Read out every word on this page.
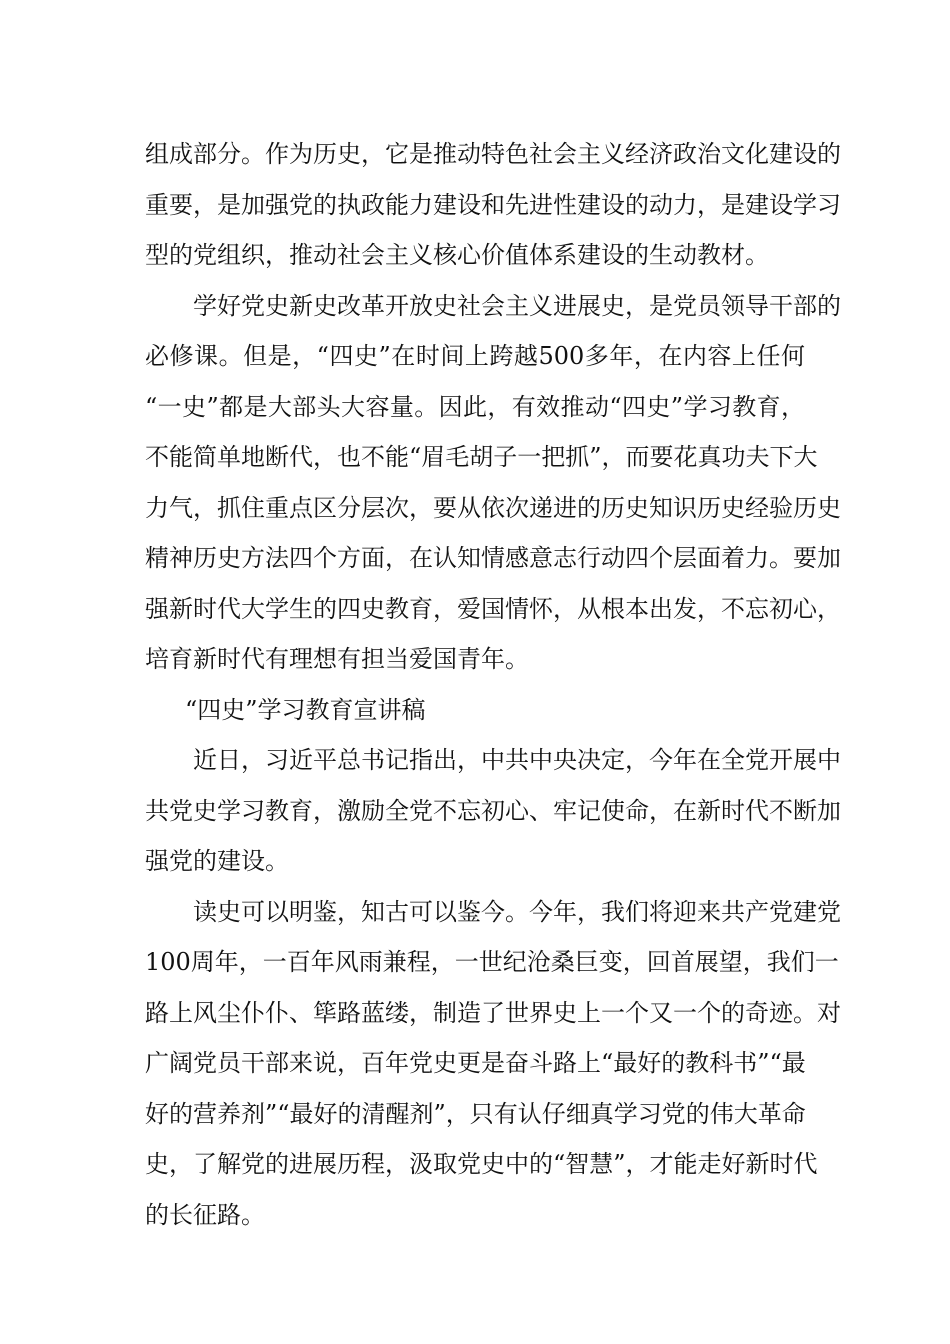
组成部分。作为历史，它是推动特色社会主义经济政治文化建设的
重要，是加强党的执政能力建设和先进性建设的动力，是建设学习
型的党组织，推动社会主义核心价值体系建设的生动教材。
学好党史新史改革开放史社会主义进展史，是党员领导干部的
必修课。但是，“四史”在时间上跨越500多年，在内容上任何
“一史”都是大部头大容量。因此，有效推动“四史”学习教育，
不能简单地断代，也不能“眉毛胡子一把抓”，而要花真功夫下大
力气，抓住重点区分层次，要从依次递进的历史知识历史经验历史
精神历史方法四个方面，在认知情感意志行动四个层面着力。要加
强新时代大学生的四史教育，爱国情怀，从根本出发，不忘初心，
培育新时代有理想有担当爱国青年。
“四史”学习教育宣讲稿
近日，习近平总书记指出，中共中央决定，今年在全党开展中
共党史学习教育，激励全党不忘初心、牢记使命，在新时代不断加
强党的建设。
读史可以明鉴，知古可以鉴今。今年，我们将迎来共产党建党
100周年，一百年风雨兼程，一世纪沧桑巨变，回首展望，我们一
路上风尘仆仆、筚路蓝缕，制造了世界史上一个又一个的奇迹。对
广阔党员干部来说，百年党史更是奋斗路上“最好的教科书”“最
好的营养剂”“最好的清醒剂”，只有认仔细真学习党的伟大革命
史，了解党的进展历程，汲取党史中的“智慧”，才能走好新时代
的长征路。
